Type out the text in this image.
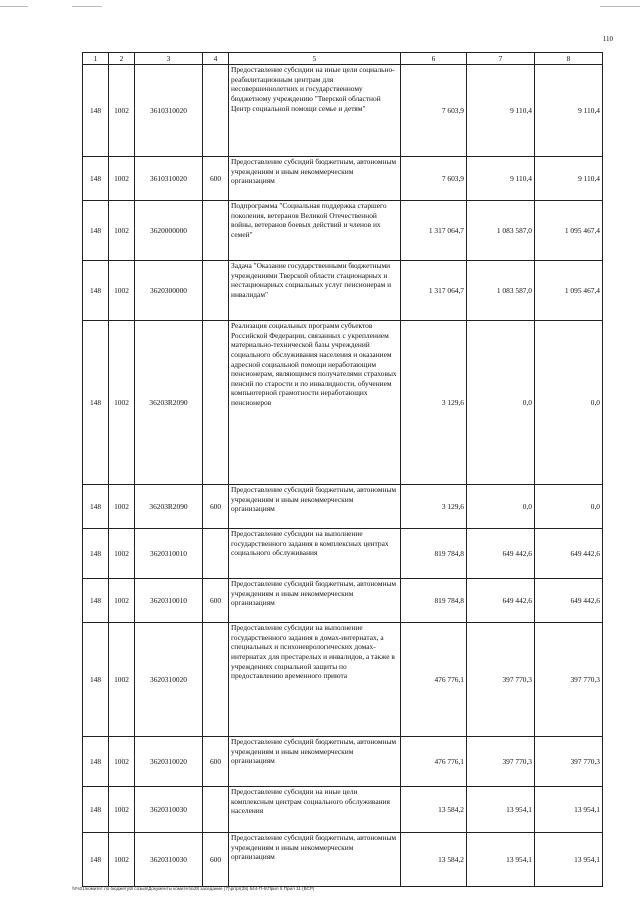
110
1	2	3	4	5	6	7	8
148	1002	3610310020		Предоставление субсидии на иные цели социально-реабилитационным центрам для несовершеннолетних и государственному бюджетному учреждению "Тверской областной Центр социальной помощи семье и детям"	7 603,9	9 110,4	9 110,4
148	1002	3610310020	600	Предоставление субсидий бюджетным, автономным учреждениям и иным некоммерческим организациям	7 603,9	9 110,4	9 110,4
148	1002	3620000000		Подпрограмма "Социальная поддержка старшего поколения, ветеранов Великой Отечественной войны, ветеранов боевых действий и членов их семей"	1 317 064,7	1 083 587,0	1 095 467,4
148	1002	3620300000		Задача "Оказание государственными бюджетными учреждениями Тверской области стационарных и нестационарных социальных услуг пенсионерам и инвалидам"	1 317 064,7	1 083 587,0	1 095 467,4
148	1002	36203R2090		Реализация социальных программ субъектов Российской Федерации, связанных с укреплением материально-технической базы учреждений социального обслуживания населения и оказанием адресной социальной помощи неработающим пенсионерам, являющимся получателями страховых пенсий по старости и по инвалидности, обучением компьютерной грамотности неработающих пенсионеров	3 129,6	0,0	0,0
148	1002	36203R2090	600	Предоставление субсидий бюджетным, автономным учреждениям и иным некоммерческим организациям	3 129,6	0,0	0,0
148	1002	3620310010		Предоставление субсидии на выполнение государственного задания в комплексных центрах социального обслуживания	819 784,8	649 442,6	649 442,6
148	1002	3620310010	600	Предоставление субсидий бюджетным, автономным учреждениям и иным некоммерческим организациям	819 784,8	649 442,6	649 442,6
148	1002	3620310020		Предоставление субсидии на выполнение государственного задания в домах-интернатах, а специальных и психоневрологических домах-интернатах для престарелых и инвалидов, а также в учреждениях социальной защиты по предоставлению временного приюта	476 776,1	397 770,3	397 770,3
148	1002	3620310020	600	Предоставление субсидий бюджетным, автономным учреждениям и иным некоммерческим организациям	476 776,1	397 770,3	397 770,3
148	1002	3620310030		Предоставление субсидии на иные цели комплексным центрам социального обслуживания населения	13 584,2	13 954,1	13 954,1
148	1002	3620310030	600	Предоставление субсидий бюджетным, автономным учреждениям и иным некоммерческим организациям	13 584,2	13 954,1	13 954,1
\\Fs01\комитет по бюджету\8 созыв\Документы комитета\28 заседание (7)\pr\pr(28) 544-П-6\Прил 5 Прил 11 (ВСР)
